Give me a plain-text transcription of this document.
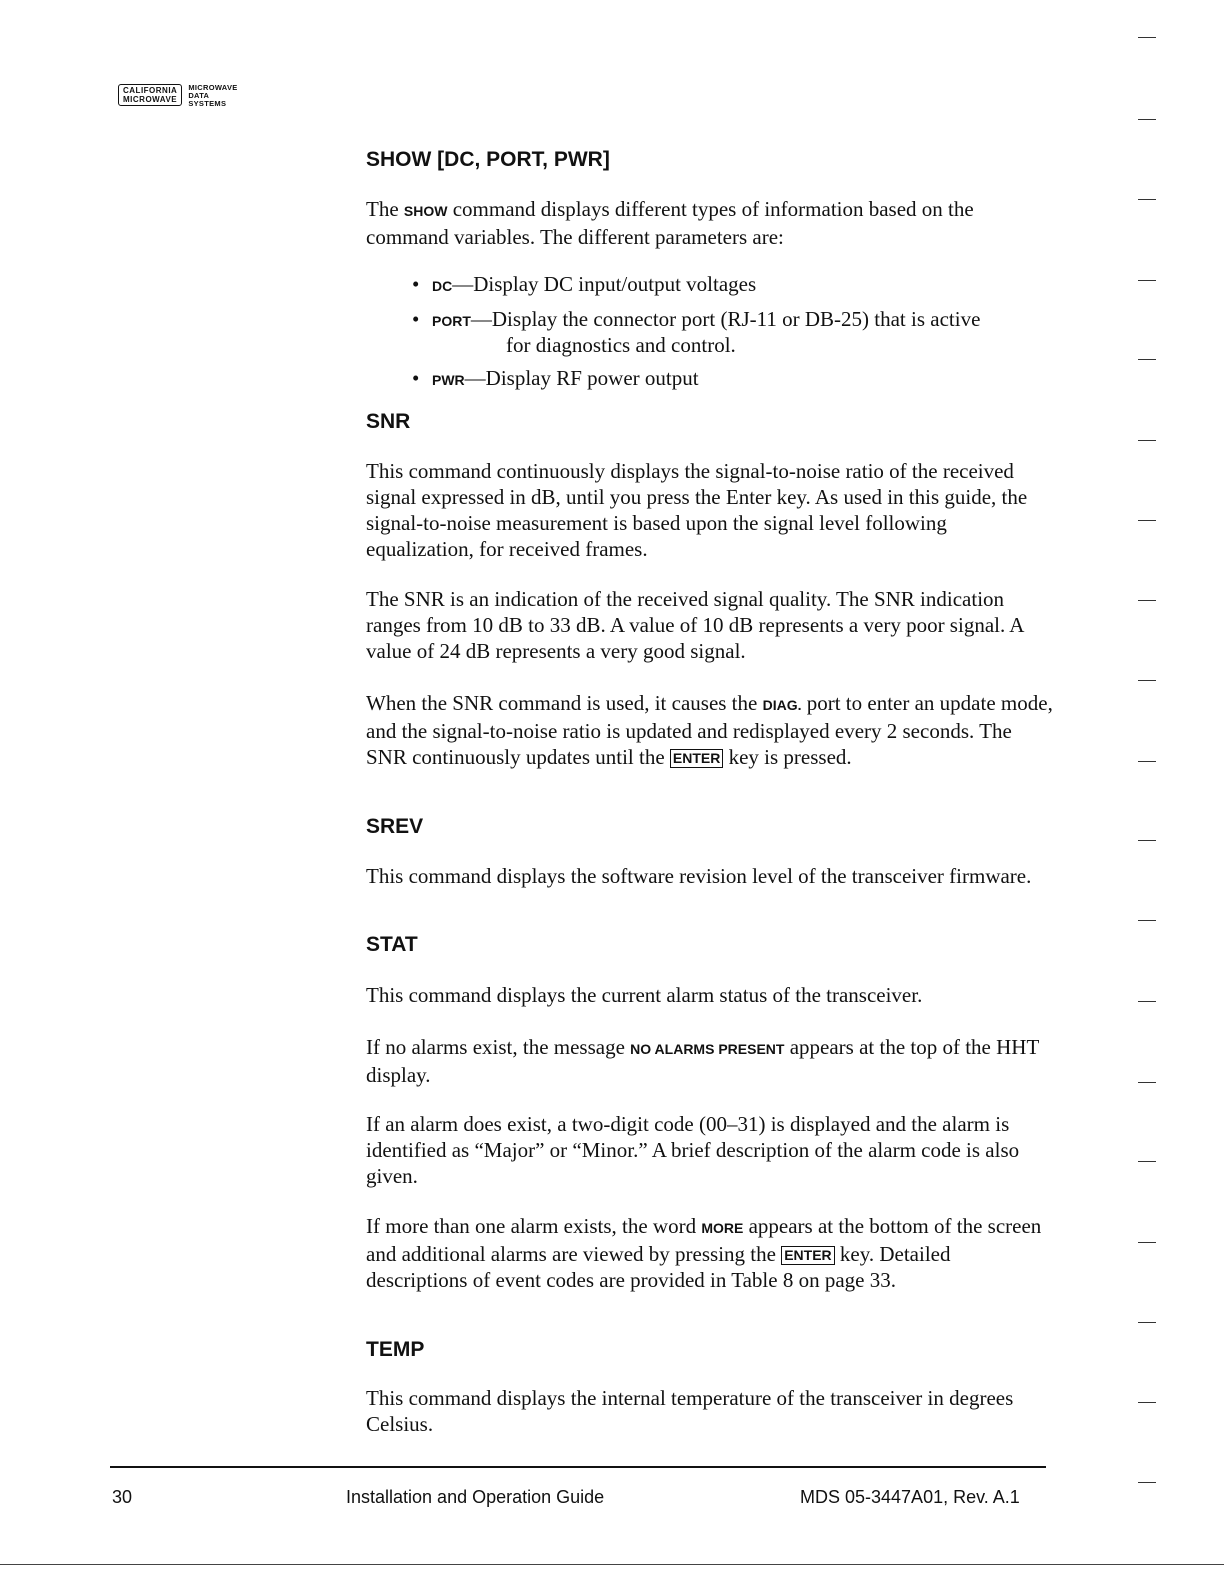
CALIFORNIA
MICROWAVE
MICROWAVE
DATA
SYSTEMS
SHOW [DC, PORT, PWR]

The SHOW command displays different types of information based on the command variables. The different parameters are:

• DC—Display DC input/output voltages
• PORT—Display the connector port (RJ-11 or DB-25) that is active
for diagnostics and control.
• PWR—Display RF power output
SNR

This command continuously displays the signal-to-noise ratio of the received signal expressed in dB, until you press the Enter key. As used in this guide, the signal-to-noise measurement is based upon the signal level following equalization, for received frames.

The SNR is an indication of the received signal quality. The SNR indication ranges from 10 dB to 33 dB. A value of 10 dB represents a very poor signal. A value of 24 dB represents a very good signal.

When the SNR command is used, it causes the DIAG. port to enter an update mode, and the signal-to-noise ratio is updated and redisplayed every 2 seconds. The SNR continuously updates until the ENTER key is pressed.

SREV

This command displays the software revision level of the transceiver firmware.

STAT

This command displays the current alarm status of the transceiver.

If no alarms exist, the message NO ALARMS PRESENT appears at the top of the HHT display.

If an alarm does exist, a two-digit code (00–31) is displayed and the alarm is identified as “Major” or “Minor.” A brief description of the alarm code is also given.

If more than one alarm exists, the word MORE appears at the bottom of the screen and additional alarms are viewed by pressing the ENTER key. Detailed descriptions of event codes are provided in Table 8 on page 33.

TEMP

This command displays the internal temperature of the transceiver in degrees Celsius.

30	Installation and Operation Guide	MDS 05-3447A01, Rev. A.1
